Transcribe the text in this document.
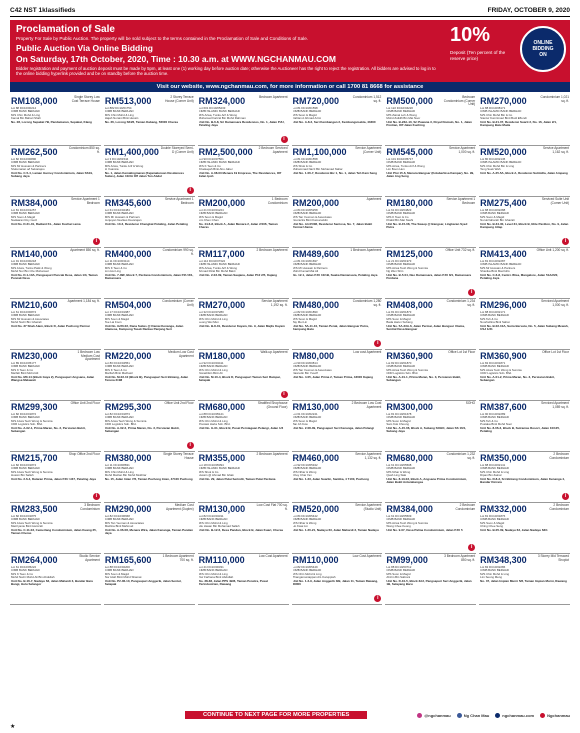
C42 NST 1klassifieds	FRIDAY, OCTOBER 9, 2020
Proclamation of Sale
Property For Sale by Public Auction. The property will be sold subject to the terms contained in the Proclamation of Sale and Conditions of Sale.
Public Auction Via Online Bidding
On Saturday, 17th October, 2020, Time : 10.30 a.m. at WWW.NGCHANMAU.COM
Bidder registration and payment of auction deposit must be made by 5pm, at least one (1) working day before auction date; otherwise the Auctioneer has the right to reject the registration. All bidders are advised to log in to the online bidding hyperlink provided and be on standby before the auction time.
10%
Deposit (Ten percent of the reserve price)
ONLINE
BIDDING
ON
Visit our website, www.ngchanmau.com, for more information or call 1700 81 8668 for assistance
RM108,000	Single Storey Low Cost Terrace House
Lot 88 DC10/00214
CIMB BANK BERHAD
M/S Chin Mohd & Ling
Kamal Bin Bahari Shah
No. 28, Lorong Sepakat 7B, Pandamaran, Sepakat, Klang
RM513,000	2 Storey Terrace House (Corner Unit)
Lot 882 DC10/01754
CIMB BANK BERHAD
M/S Chin Mohd & Ling
Hajah Noraini Binti Hussin
No. 26, Lorong SK26, Taman Kabang, 56000 Cheras
RM324,000	Bedroom Apartment
Lot 601 DC10/05233
CIMB ISLAMIC BANK BERHAD
M/S Azwa, Tunku Arif & Wong
Muhamad Farizal Bin Mohd Rahman
Unit No. B-6-8, Sri Damansara Residences, No. 1, Jalan PJU, Petaling Jaya
i
RM720,000	Condominium 1,512 sq. ft.
Lot 81 DC10/01598
CIMB BANK BERHAD
M/S Soon & Magid
Dahlan A Ahmad Azmi
Unit No. A-8-2, Seri Kembangan 2, Kembangsisekta, 43300
RM500,000	Bedroom Condominium (Corner Unit)
Lot 122 DC10/04220
CIMB BANK BERHAD
M/S Zainal Loh & Wong
Mohd Zulkifli Bin Mat Noor
Unit No. B-23A-10, Sri Pawana 3, Royal Domain, No. 1, Jalan Pontian, Off Jalan Kuching
RM270,000	Condominium 1,021 sq. ft.
Lot 88 DC10/08171
CIMB ISLAMIC BANK BERHAD
M/S Chin Mohd Bin & Co
Siantur Kumrimaul Binti Budi Effendi
Unit No. B-21-07, Residensi Suarti 2, No. 16, Jalan 2/1, Kampung Batu Muda
RM262,500	Condominium 850 sq. ft.
Lot 82 DC10/00890
CIMB BANK BERHAD
M/S Mr Hussain & Partners
Sivkumaran a/l Selvarajoo
Unit No. C-5-4, Laman Gurney Condominium, Jalan SS19, Subang Jaya
RM1,400,000 Double Storeyed Semi-D (Corner Unit)
Lot 3 DC10/01544
CIMB BANK BERHAD
M/S Azwa, Tunku Arif & Wong
LI Xuanxia
No. 1, Jalan Kemalingmaran (Kejamaluruan Residences Suites), Jalan 10/3A Off Jalan Tun Abdul
i
RM2,500,000	2 Bedroom Serviced Apartment
Lot 90 DC10/07501
CIMB ISLAMIC BANK BERHAD
M/S K Teen & Co
Khadeejah Binti Abu Jaber
Unit No. A-08-03 Menara 19 Empresa, The Residences, Off Jalan Ipoh
RM1,100,000	Service Apartment (Corner Unit)
Lot 81 DC10/01558
CIMB BANK BERHAD
M/S Shok & Co
Muhammad Nazri Bin Mohamad Nahar
Unit No. 1-06-7, Residensi Biz 1, No. 1, Jalan Teh Kam Seng
RM545,000	Service Apartment 1,000 sq. ft.
Lot 101 DC10/05717
CIMB BANK BERHAD
M/S Azwa, Tunku Arif & Wong
Lim Boon Hen
Unit Plot 15-6, Menara Bangsar (Kolaberbisa Kampar), No. 99, Jalan Ang Seng
RM520,000	Service Apartment 1,162 sq. ft.
Lot 80 DC10/02145
CIMB ISLAMIC BANK BERHAD
M/S Chin Mohd Bin & Ling
Teng Soek Wah
Unit No. A-25-5A, Block A, Residensi Sutimilla, Jalan Ampang
RM384,000	Service Apartment 1 Bedroom
Lot 81 DC10/01257
CIMB BANK BERHAD
M/S Soon & Magid
Nadaaran Roy Cecil
Unit No. D-21-01, Radiant KL, Jalan Kuchai Lama
i
RM345,600	Service Apartment 1 Bedroom
Lot 61 DC10/02484
CIMB BANK BERHAD
M/S Mr Hussain & Partners
Jenjeyan Nevikes Devarajan
Unit No. 10-3, Residensi Chengkat Petaling, Jalan Petaling
RM200,000	1 Bedroom Condominium
Lot 21 DC10/01224
CIMB BANK BERHAD
M/S Soon & Magid
Lim Khen Chan
No. 44-6-8, Block A, Jalan Menara 2, Jalan 2/106, Taman Cheras
RM200,000	Apartment
Lot 84 DC10/05258
CIMB BANK BERHAD
M/S Tan Yeoman & Associates
Noorazira Binti Kamaruddin
Unit No. A4-05/08, Residensi Sentosa, No. 7, Jalan Bukit Permai Utama
RM180,000	Service Apartment 1 Bedroom
Lot 61 DC10/04823
CIMB BANK BERHAD
M/S K Teen & Co
Khalid Bin Mat Nashi
Unit No. B-15-08, The Sweep @ Bangsar, Lingkaran Syed Putra
RM275,400	Serviced Suite Unit (Corner Unit)
Lot 88 DC10/02288
CIMB BANK BERHAD
M/S Soon & Magid
Nuruizzaharah Bin Ghazali
Unit No. B-34-30, Level 34, Block B, Elite Pavilion, No. 9, Jalan Kampung Attap
i
RM140,000	Apartment 850 sq. ft.
Lot 91 DC10/00218
CIMB BANK BERHAD
M/S Azwa, Tunku Patik & Wong
Mohd Nor Bin Che Mohamad
Unit No. D-1-10A, Pangsapuri Puncak Desa, Jalan 1/3, Taman Puncak Desa
RM400,000	Condominium 990 sq. ft.
Lot 11 DC10/03114
CIMB BANK BERHAD
M/S K Teen & Co
Lim Hui Ling
Unit No. 7-09F, Block 7, Perdana Condominium, Jalan PJU 8/1, Damansara
RM117,000	2 Bedroom Apartment
Lot 112 DC10/07322
CIMB ISLAMIC BANK BERHAD
M/S Azwa, Tunku Arif & Wong
Ahmad Rizal Bin Mohd Bakri
Unit No. 2-03-09, Taman Saujana, Jalan P12 2/5, Kajang
RM489,600	1 Bedroom Apartment
Lot 81 DC10/01697
CIMB BANK BERHAD
M/S Mr Hussain & Partners
Mohd Kamal Mat Ali
No. 12-1, Jalan PJU 10/1B, Suaka Damansara, Petaling Jaya
RM125,000	Office Unit 732 sq. ft.
Lot 21 DC10/01973
CIMB BANK BERHAD
M/S Azwa Teoh Wong & Sumnia
Ng Wen Shin
Unit No. B-5-04, Neo Damansara, Jalan PJU 8/1, Damansara Perdana
i
RM413,400	Office Unit 1,200 sq. ft.
Lot 81 DC10/02287
CIMB ISLAMIC BANK BERHAD
M/S Mr Hussain & Partners
Shanika Binti Mad Idris
Unit No. C-6-8, Centro Wisa, Mangalore, Jalan 51A/222, Petaling Jaya
RM210,600	Apartment 1,184 sq. ft.
Lot 61 DC10/00874
CIMB BANK BERHAD
M/S Mr Hussain & Associates
Mohd Nazri Bin Ghazali
Unit No. 37 Shah Alam, Block D, Jalan Puchong Permai
RM504,000	Condominium (Corner Unit)
Lot 17 DC10/01987
CIMB BANK BERHAD
M/S Soon & Magid
Tee Lai Foon
Unit No. G/20-02, Dana Suites @ Damai Kenanga, Jalan Alamesa, Kampung Tasek Rantau Panjang Seri
RM270,000	Service Apartment 1,192 sq. ft.
Lot 32 DC10/07280
CIMB BANK BERHAD
M/S Chin Mohd & Ling
Leong Wei Mun
Unit No. B-8-01, Residensi Kayam, No. 9, Jalan Majlis Kayam
RM480,000	Condominium 1,280 sq. ft.
Lot 82 DC10/01890
CIMB BANK BERHAD
M/S Soon & Magid
Tay Mei Lin
Unit No. 5A-11-10, Taman Perak, Jalan Bangsar Putra, Kampung Batu
i
RM408,000	Condominium 1,234 sq. ft.
Lot 81 DC10/01873
CIMB BANK BERHAD
M/S Soon & Magid
Bada Harun Subang
Unit No. 5A-23A-6, Jalan Permai, Jalan Bangsar Utama, Sentral Desa Bangsar
RM296,000	Serviced Apartment 1,000 sq. ft.
Lot 88 DC10/02171
CIMB BANK BERHAD
M/S Teh & Co
Noorfazlina Binti Sahat
Unit No. B-02-10A, Suria Bersatu, No. 5, Jalan Subang Mewah, USJ 1/31
RM230,000	1 Bedroom Low Medium Cost Apartment
Lot 89 DC10/05177
CIMB BANK BERHAD
M/S K Teen & Co
Marfah Binti Mohd Ali
Unit No. M0-14 (Block Gaya 2), Pangsapuri Angsana, Jalan Wangsa Melawati
RM220,000	Medium Low Cost Apartment
Lot 80 DC10/04551
CIMB BANK BERHAD
M/S K Teen & Co
Marfiah Binti Marhasil
Unit No. M-02-10 (Block B), Pangsapuri Seri Bintang, Jalan Teruna 2/4M
RM180,000	Walk-up Apartment
Lot 92 DC10/04411
CIMB BANK BERHAD
M/S Chin Mohd & Ling
Norashikin Binti Ali
Unit No. M-10-4, Block D, Pangsapuri Taman Seri Rampai, Setapak
i
RM80,000	Low cost Apartment
Lot 90 DC10/00814
CIMB BANK BERHAD
M/S Tan Yeoman & Associates
Nasrudin Bin Yusoff
Unit No. 4-05, Jalan Prima 2, Taman Prima, 43000 Kajang
RM360,900	Office Lot 1st Floor
Lot 82 DC10/01870
CIMB BANK BERHAD
M/S Azwa Teoh Wong & Sumnia
CDR Logistics Sdn. Bhd.
Unit No. A-01-1, Prima Maran, No. 3, Persiaran Bukit, Sebangan
RM360,900	Office Lot 1st Floor
Lot 82 DC10/01871
CIMB BANK BERHAD
M/S Azwa Teoh Wong & Sumnia
CDR Logistics Sdn. Bhd.
Unit No. A-01-2, Prima Maran, No. 3, Persiaran Bukit, Sebangan
RM299,300	Office Unit 2nd Floor
Lot 82 DC10/01872
CIMB BANK BERHAD
M/S Azwa Teoh Wong & Sumnia
CDR Logistics Sdn. Bhd.
Unit No. A-02-1, Prima Maran, No. 3, Persiaran Bukit, Sebangan
RM295,300	Office Unit 2nd Floor
Lot 82 DC10/01873
CIMB BANK BERHAD
M/S Azwa Teoh Wong & Sumnia
CDR Logistics Sdn. Bhd.
Unit No. A-02-2, Prima Maran, No. 3, Persiaran Bukit, Sebangan
i
RM680,000	Stratified Shophouse (Ground Floor)
Lot 88 DC10/05121
CIMB BANK BERHAD
M/S Chin Mohd & Ling
Prestasi Harta Sdn. Bhd.
Unit No. G-01, Block B, Pusat Perniagaan Pelangi, Jalan 1/3
RM130,000	2 Bedroom Low Cost Apartment
Lot 61 DC10/02241
CIMB BANK BERHAD
M/S Soon & Magid
Tan Ah Kow
Unit No. 2-08-09, Pangsapuri Seri Kenanga, Jalan Pelangi
RM300,000	SOHO
Lot 81 DC10/01678
CIMB BANK BERHAD
M/S Soon & Magid
Sam Kok Choong
Unit No. A-15-06, Block A, Subang SOHO, Jalan SS 16/1, Subang Jaya
RM387,600	Serviced Apartment 1,089 sq. ft.
Lot 90 DC10/02289
CIMB BANK BERHAD
M/S Teh & Co
Pustaka Binti Mohd Noor
Unit No. 8-06-3, Block B, Sutramas Resort, Jalan 10/125, Petaling
RM215,700	Shop Office 2nd Floor
Lot 82 DC10/01874
CIMB BANK BERHAD
M/S Azwa Teoh Wong & Sumnia
Hussin Bin Salleh
Unit No. 2-6-4, Dataran Prima, Jalan PJU 1/37, Petaling Jaya
i
RM380,000	Single Storey Terrace House
Lot 11 DC10/08831
CIMB BANK BERHAD
M/S Chin Mohd & Ling
Mohd Mazlan Bin Mohd Mokhtar
No. 15, Jalan Intan 7/6, Taman Puchong Intan, 47100 Puchong
RM355,000	2 Bedroom Apartment
Lot 18 DC10/05394
CIMB ISLAMIC BANK BERHAD
M/S Shok & Co
Hussin @ Ahmad Bin Ishak
Unit No. 29, Jalan Pulai Serindit, Taman Pulai Perdana
RM460,000	Service Apartment 1,132 sq. ft.
Lot 92 DC10/05342
CIMB BANK BERHAD
M/S Nihar & Wong
Chey Chai Yan
Unit No. 1-23, Jalan Suarlin, Santika, 4 7100, Puchong
RM680,000	Condominium 1,232 sq. ft.
Lot 61 DC10/05508
CIMB BANK BERHAD
M/S Nihar & Wong
Quah Ling Siak
Unit No. 8-13-03, Block A, Angsana Prima Condominium, Jalan Bukit Antarabangsa
RM350,000	2 Bedroom Condominium
Lot 88 DC10/02141
CIMB BANK BERHAD
M/S Chin Mohd & Ling
Dipan Bin Zainal
Unit No. R-8-3, Sri Bintang Condominium, Jalan Kenanga 4, Bandar Kinrara
i
RM283,500	3 Bedroom Condominium
Lot 82 DC10/01875
CIMB BANK BERHAD
M/S Azwa Teoh Wong & Sumnia
Mazriyanie Binti Hamzah
Unit No. C-11-03, Cemerlang Condominium, Jalan Kuang 25, Taman Cheras
RM290,000	Medium Cost Apartment (Duplex)
Lot 82 DC10/06668
CIMB BANK BERHAD
M/S Tan Yeoman & Associates
Mazlina Binti Mahmud
Unit No. A-06-08, Menara Wira, Jalan Kenanga, Taman Pandan Jaya
RM130,000	Low Cost Flat 700 sq. ft.
Lot 82 DC10/04311
CIMB BANK BERHAD
M/S Chin Mohd & Ling
Hiu Hasan Bin Mohamad Salleh
Unit No. B-12-6, Desa Pandan, Block B, Jalan Kuari, Cheras
RM520,000	Service Apartment (Studio Unit)
Lot 84 DC10/05442
CIMB BANK BERHAD
M/S Nihar & Wong
Ho Kwai Lin
Unit No. 1-20-21, Nadayu 63, Jalan Mahardi 3, Taman Nadayu
RM384,000	2 Bedroom Condominium
Lot 61 DC10/05509
CIMB BANK BERHAD
M/S Azwa Teoh Wong & Sumnia
Wong Chee Keong
Unit No. 9-07, Desa Palma Condominium, Jalan PJU 5
i
RM332,000	2 Bedroom Condominium
Lot 81 DC10/01876
CIMB BANK BERHAD
M/S Soon & Magid
Ching Chee Seng
Unit No. B-05-09, Nadayu 63, Jalan Nadayu 63/1
RM264,000	Studio Service Apartment
Lot 61 DC10/05222
CIMB BANK BERHAD
M/S K Teen & Co
Mohd Nazri Mohd Ali Bin Abdullah
Unit No. B-16-7, Nadayu 63, Jalan Mahardi 3, Bandar Baru Bangi, Hulu Selangor
RM165,600	1 Bedroom Apartment 700 sq. ft.
Lot 88 DC10/02200
CIMB BANK BERHAD
M/S Soon & Magid
Nor Hiah Binti Mohd Shamat
Unit No. P2-06-10, Pangsapuri Anggerik, Jalan Sentul, Setapak
RM110,000	Low Cost Apartment
Lot 41 DC10/00331
CIMB BANK BERHAD
M/S Chin Mohd & Ling
Nur Farhana Binti Abdullah
No. 38-38, Jalan PPS 4B/6, Taman Perwira, Pusat Perindustrian, Rawang
RM110,000	Low Cost Apartment
Lot 82 DC10/05449
CIMB BANK BERHAD
M/S Chin Mohd & Ling
Thangamuniappan A/L Karuppiah
Unit No. 1-2-9, Jalan Anggerik 3/B, Jalan 11, Taman Rawang, 48000
i
RM99,000	3 Bedroom Apartment 850 sq. ft.
Lot 88 DC10/00712
CIMB BANK BERHAD
M/S Soon & Magid
Ahizm Bin Sabrani
Unit No. D-10-5, Block 3A2, Pangsapuri Seri Anggerik, Jalan 1B, Selayang Baru
RM348,300	3 Storey Mid Terraced Shoplot
Lot 82 DC10/02286
CIMB BANK BERHAD
M/S Chin Mohd & Ling
Lim Seong Meng
No. 37, Jalan Impian Murni 5/8, Taman Impian Murni, Rawang
CONTINUE TO NEXT PAGE FOR MORE PROPERTIES	@ngchanmau	Ng Chan Mau	ngchanmau.com	Ngchanmau
★
